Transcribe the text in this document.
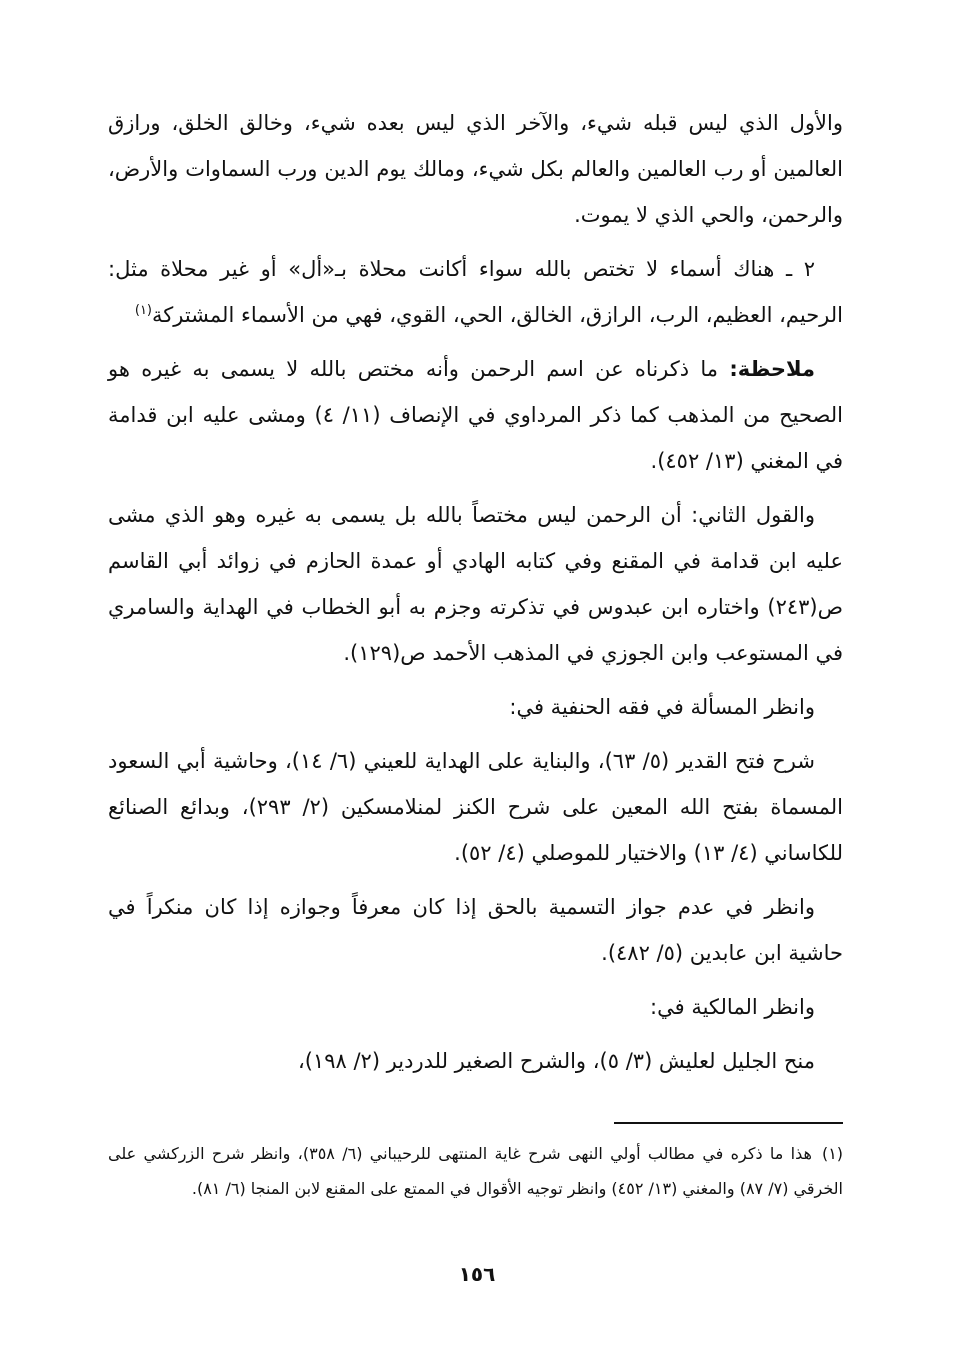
والأول الذي ليس قبله شيء، والآخر الذي ليس بعده شيء، وخالق الخلق، ورازق العالمين أو رب العالمين والعالم بكل شيء، ومالك يوم الدين ورب السماوات والأرض، والرحمن، والحي الذي لا يموت.

٢ ـ هناك أسماء لا تختص بالله سواء أكانت محلاة بـ«أل» أو غير محلاة مثل: الرحيم، العظيم، الرب، الرازق، الخالق، الحي، القوي، فهي من الأسماء المشتركة$^{(١)}$

ملاحظة: ما ذكرناه عن اسم الرحمن وأنه مختص بالله لا يسمى به غيره هو الصحيح من المذهب كما ذكر المرداوي في الإنصاف (١١/ ٤) ومشى عليه ابن قدامة في المغني (١٣/ ٤٥٢).

والقول الثاني: أن الرحمن ليس مختصاً بالله بل يسمى به غيره وهو الذي مشى عليه ابن قدامة في المقنع وفي كتابه الهادي أو عمدة الحازم في زوائد أبي القاسم ص(٢٤٣) واختاره ابن عبدوس في تذكرته وجزم به أبو الخطاب في الهداية والسامري في المستوعب وابن الجوزي في المذهب الأحمد ص(١٢٩).

وانظر المسألة في فقه الحنفية في:

شرح فتح القدير (٥/ ٦٣)، والبناية على الهداية للعيني (٦/ ١٤)، وحاشية أبي السعود المسماة بفتح الله المعين على شرح الكنز لمنلامسكين (٢/ ٢٩٣)، وبدائع الصنائع للكاساني (٤/ ١٣) والاختيار للموصلي (٤/ ٥٢).

وانظر في عدم جواز التسمية بالحق إذا كان معرفاً وجوازه إذا كان منكراً في حاشية ابن عابدين (٥/ ٤٨٢).

وانظر المالكية في:

منح الجليل لعليش (٣/ ٥)، والشرح الصغير للدردير (٢/ ١٩٨)،

(١)هذا ما ذكره في مطالب أولي النهى شرح غاية المنتهى للرحيباني (٦/ ٣٥٨)، وانظر شرح الزركشي على الخرقي (٧/ ٨٧) والمغني (١٣/ ٤٥٢) وانظر توجيه الأقوال في الممتع على المقنع لابن المنجا (٦/ ٨١).

١٥٦
